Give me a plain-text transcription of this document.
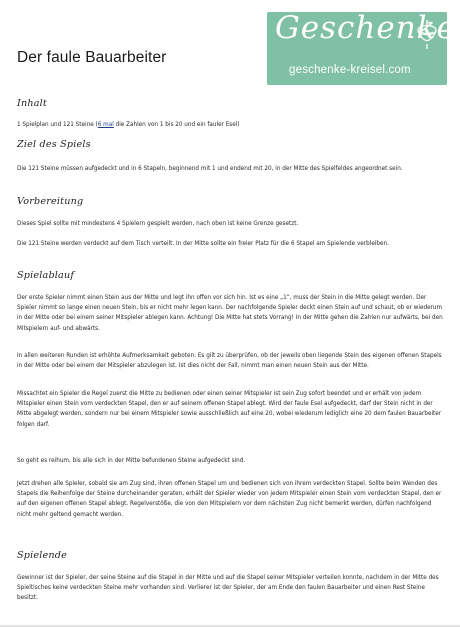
Der faule Bauarbeiter
Geschenke
geschenke-kreisel.com
Inhalt
1 Spielplan und 121 Steine (6 mal die Zahlen von 1 bis 20 und ein fauler Esel)
Ziel des Spiels
Die 121 Steine müssen aufgedeckt und in 6 Stapeln, beginnend mit 1 und endend mit 20, in der Mitte des Spielfeldes angeordnet sein.
Vorbereitung
Dieses Spiel sollte mit mindestens 4 Spielern gespielt werden, nach oben ist keine Grenze gesetzt.
Die 121 Steine werden verdeckt auf dem Tisch verteilt. In der Mitte sollte ein freier Platz für die 6 Stapel am Spielende verbleiben.
Spielablauf
Der erste Spieler nimmt einen Stein aus der Mitte und legt ihn offen vor sich hin. Ist es eine „1“, muss der Stein in die Mitte gelegt werden. Der Spieler nimmt so lange einen neuen Stein, bis er nicht mehr legen kann. Der nachfolgende Spieler deckt einen Stein auf und schaut, ob er wiederum in der Mitte oder bei einem seiner Mitspieler ablegen kann. Achtung! Die Mitte hat stets Vorrang! In der Mitte gehen die Zahlen nur aufwärts, bei den Mitspielern auf- und abwärts.
In allen weiteren Runden ist erhöhte Aufmerksamkeit geboten: Es gilt zu überprüfen, ob der jeweils oben liegende Stein des eigenen offenen Stapels in der Mitte oder bei einem der Mitspieler abzulegen ist. Ist dies nicht der Fall, nimmt man einen neuen Stein aus der Mitte.
Missachtet ein Spieler die Regel zuerst die Mitte zu bedienen oder einen seiner Mitspieler ist sein Zug sofort beendet und er erhält von jedem Mitspieler einen Stein vom verdeckten Stapel, den er auf seinem offenen Stapel ablegt. Wird der faule Esel aufgedeckt, darf der Stein nicht in der Mitte abgelegt werden, sondern nur bei einem Mitspieler sowie ausschließlich auf eine 20, wobei wiederum lediglich eine 20 dem faulen Bauarbeiter folgen darf.
So geht es reihum, bis alle sich in der Mitte befundenen Steine aufgedeckt sind.
Jetzt drehen alle Spieler, sobald sie am Zug sind, ihren offenen Stapel um und bedienen sich von ihrem verdeckten Stapel. Sollte beim Wenden des Stapels die Reihenfolge der Steine durcheinander geraten, erhält der Spieler wieder von jedem Mitspieler einen Stein vom verdeckten Stapel, den er auf den eigenen offenen Stapel ablegt. Regelverstöße, die von den Mitspielern vor dem nächsten Zug nicht bemerkt werden, dürfen nachfolgend nicht mehr geltend gemacht werden.
Spielende
Gewinner ist der Spieler, der seine Steine auf die Stapel in der Mitte und auf die Stapel seiner Mitspieler verteilen konnte, nachdem in der Mitte des Spieltisches keine verdeckten Steine mehr vorhanden sind. Verlierer ist der Spieler, der am Ende den faulen Bauarbeiter und einen Rest Steine besitzt.
